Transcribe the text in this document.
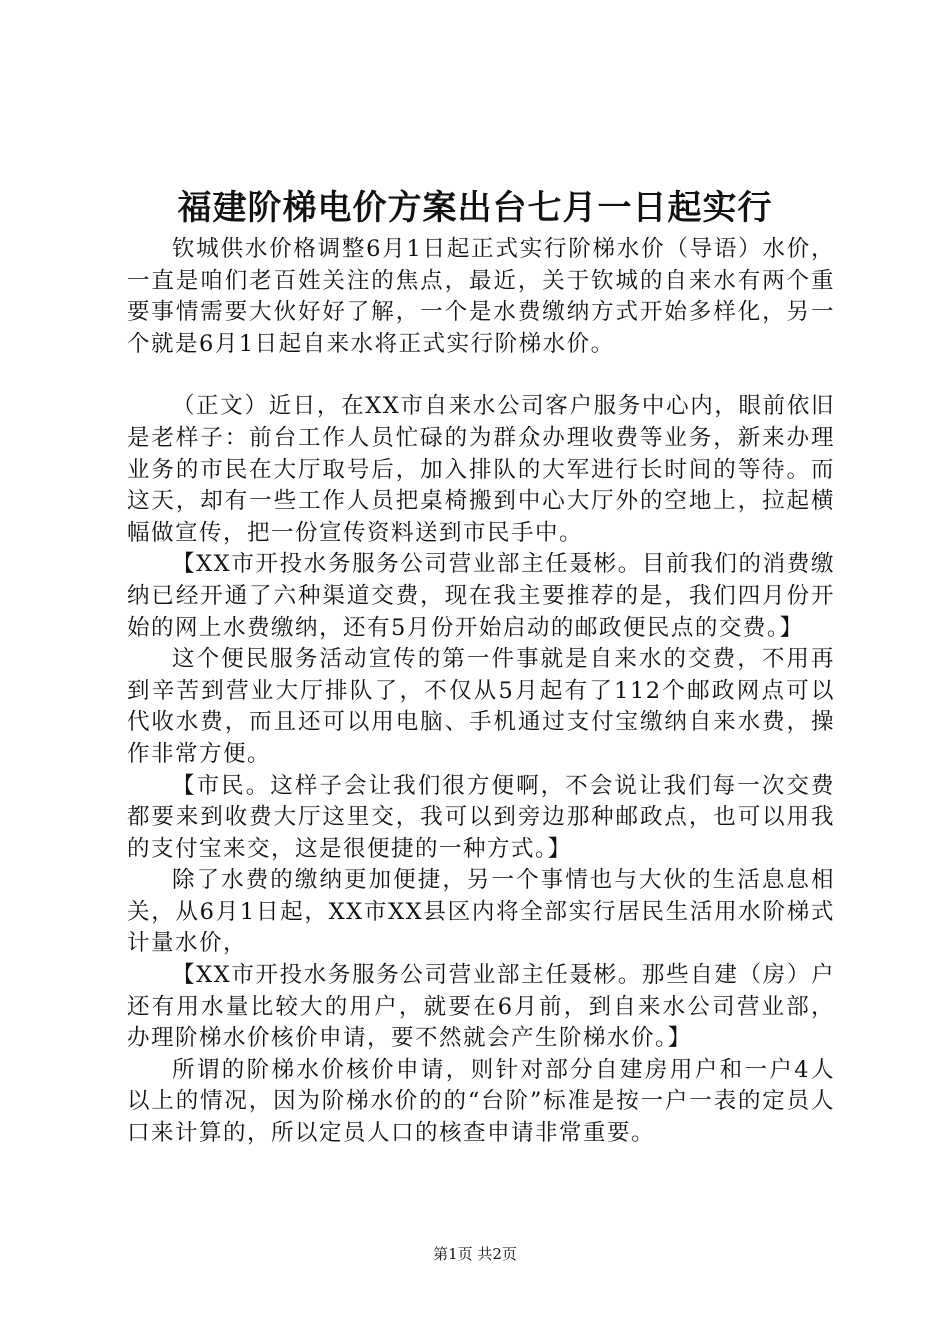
福建阶梯电价方案出台七月一日起实行

钦城供水价格调整6月1日起正式实行阶梯水价（导语）水价，一直是咱们老百姓关注的焦点，最近，关于钦城的自来水有两个重要事情需要大伙好好了解，一个是水费缴纳方式开始多样化，另一个就是6月1日起自来水将正式实行阶梯水价。

（正文）近日，在XX市自来水公司客户服务中心内，眼前依旧是老样子：前台工作人员忙碌的为群众办理收费等业务，新来办理业务的市民在大厅取号后，加入排队的大军进行长时间的等待。而这天，却有一些工作人员把桌椅搬到中心大厅外的空地上，拉起横幅做宣传，把一份宣传资料送到市民手中。

【XX市开投水务服务公司营业部主任聂彬。目前我们的消费缴纳已经开通了六种渠道交费，现在我主要推荐的是，我们四月份开始的网上水费缴纳，还有5月份开始启动的邮政便民点的交费。】

这个便民服务活动宣传的第一件事就是自来水的交费，不用再到辛苦到营业大厅排队了，不仅从5月起有了112个邮政网点可以代收水费，而且还可以用电脑、手机通过支付宝缴纳自来水费，操作非常方便。

【市民。这样子会让我们很方便啊，不会说让我们每一次交费都要来到收费大厅这里交，我可以到旁边那种邮政点，也可以用我的支付宝来交，这是很便捷的一种方式。】

除了水费的缴纳更加便捷，另一个事情也与大伙的生活息息相关，从6月1日起，XX市XX县区内将全部实行居民生活用水阶梯式计量水价，

【XX市开投水务服务公司营业部主任聂彬。那些自建（房）户还有用水量比较大的用户，就要在6月前，到自来水公司营业部，办理阶梯水价核价申请，要不然就会产生阶梯水价。】

所谓的阶梯水价核价申请，则针对部分自建房用户和一户4人以上的情况，因为阶梯水价的的“台阶”标准是按一户一表的定员人口来计算的，所以定员人口的核查申请非常重要。

第1页 共2页
